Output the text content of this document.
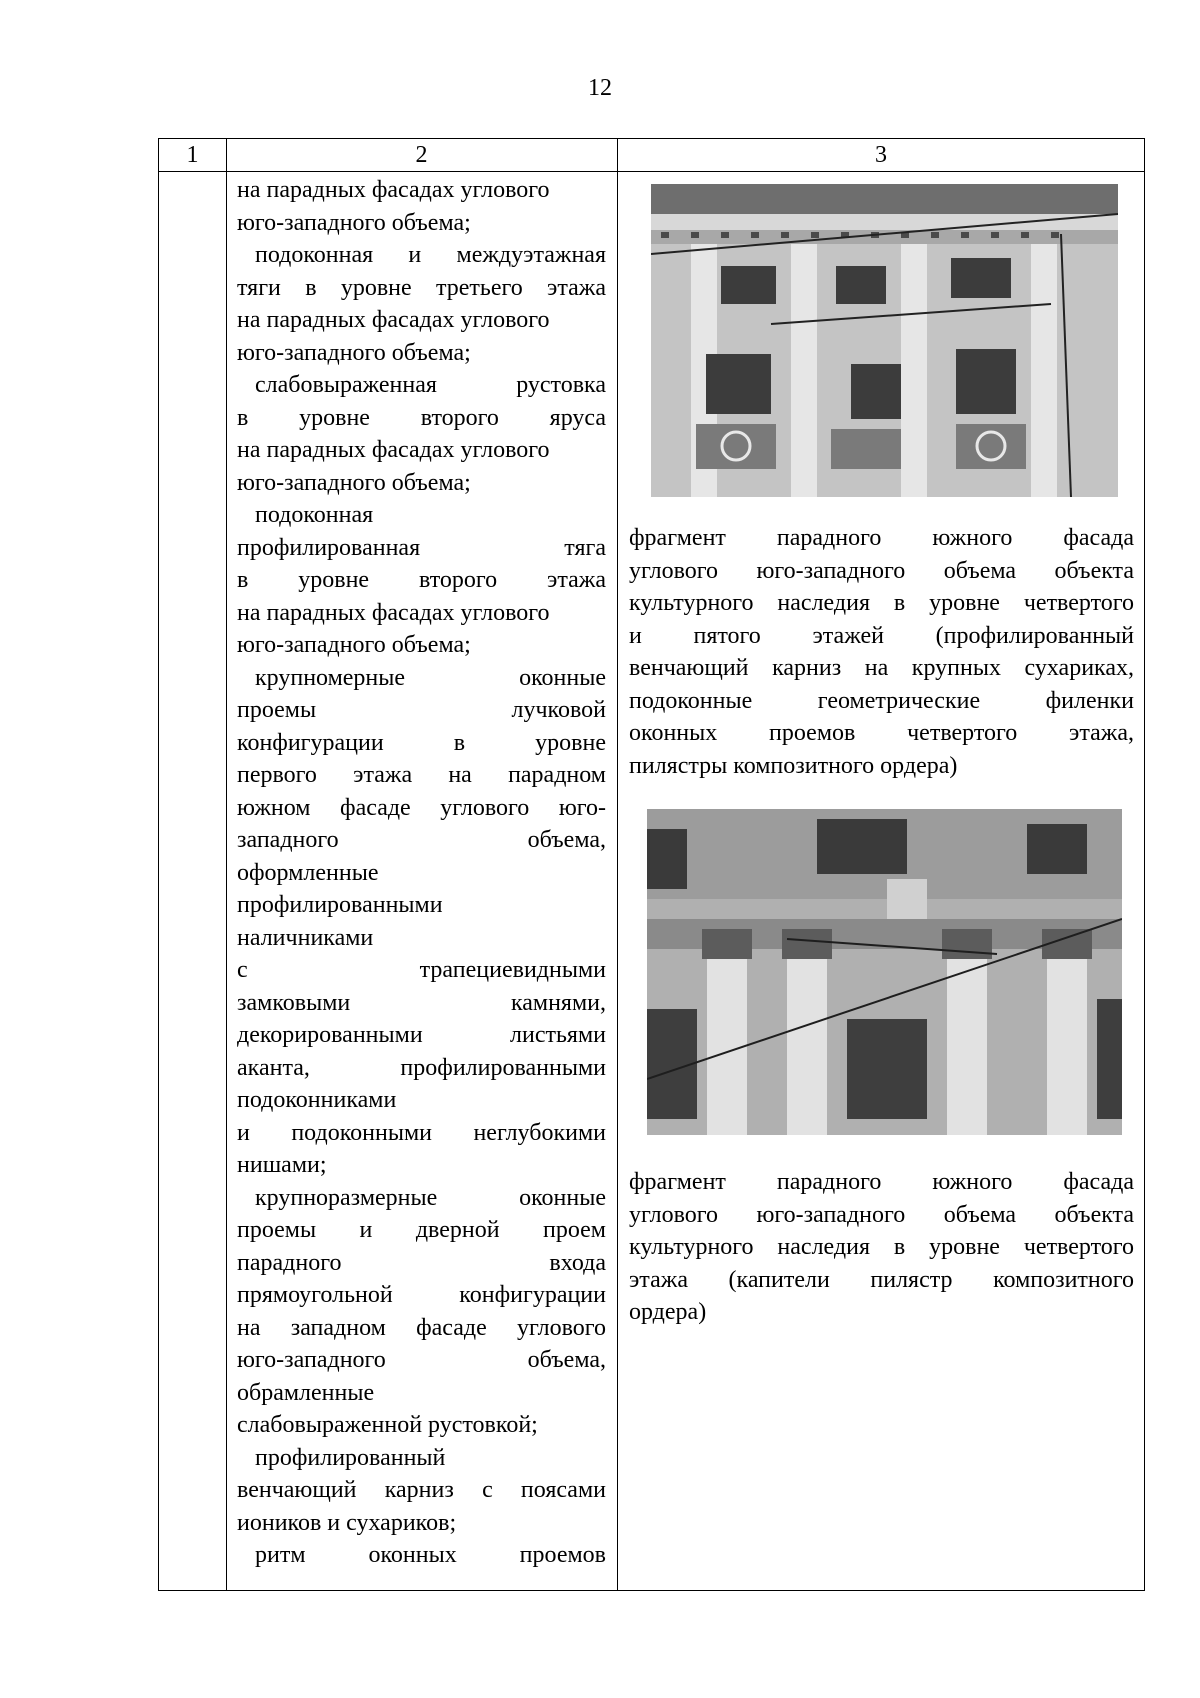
12
1	2	3
на парадных фасадах углового
юго-западного объема;
подоконная и междуэтажная
тяги в уровне третьего этажа
на парадных фасадах углового
юго-западного объема;
слабовыраженная рустовка
в уровне второго яруса
на парадных фасадах углового
юго-западного объема;
подоконная
профилированная тяга
в уровне второго этажа
на парадных фасадах углового
юго-западного объема;
крупномерные оконные
проемы лучковой
конфигурации в уровне
первого этажа на парадном
южном фасаде углового юго-
западного объема,
оформленные
профилированными
наличниками
с трапециевидными
замковыми камнями,
декорированными листьями
аканта, профилированными
подоконниками
и подоконными неглубокими
нишами;
крупноразмерные оконные
проемы и дверной проем
парадного входа
прямоугольной конфигурации
на западном фасаде углового
юго-западного объема,
обрамленные
слабовыраженной рустовкой;
профилированный
венчающий карниз с поясами
иоников и сухариков;
ритм оконных проемов
фрагмент парадного южного фасада
углового юго-западного объема объекта
культурного наследия в уровне четвертого
и пятого этажей (профилированный
венчающий карниз на крупных сухариках,
подоконные геометрические филенки
оконных проемов четвертого этажа,
пилястры композитного ордера)
фрагмент парадного южного фасада
углового юго-западного объема объекта
культурного наследия в уровне четвертого
этажа (капители пилястр композитного
ордера)
